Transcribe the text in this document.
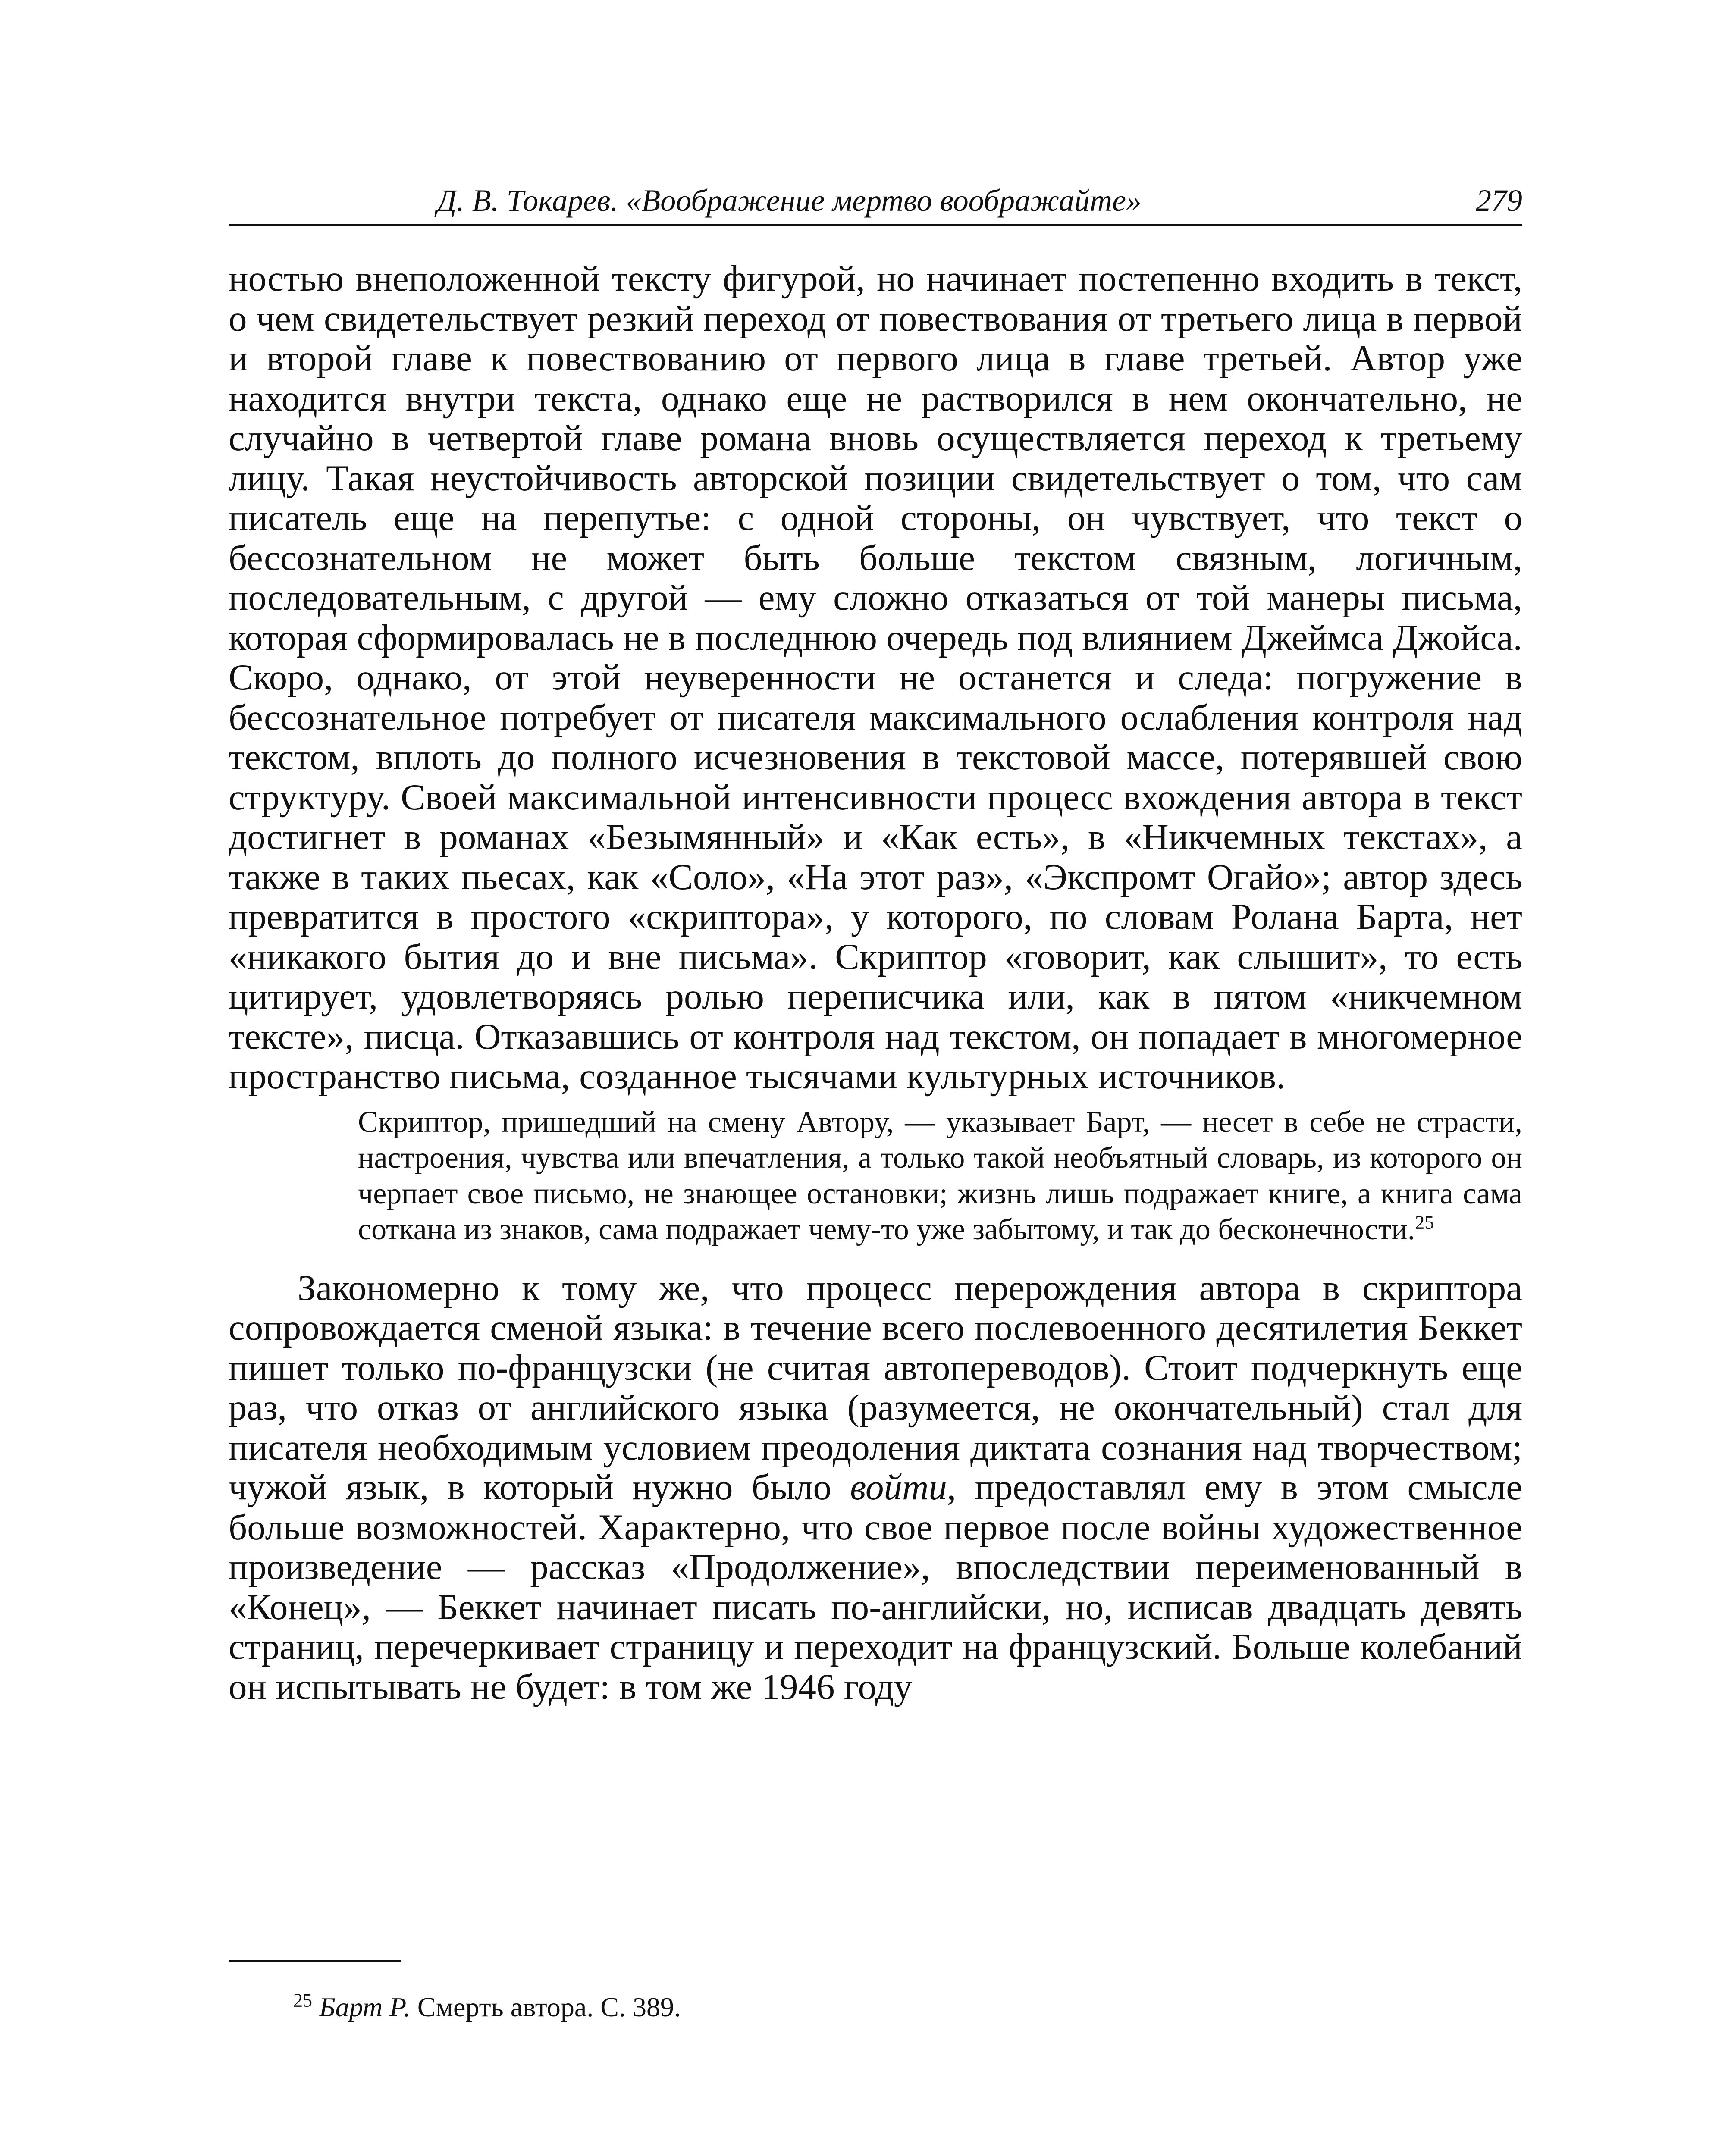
Д. В. Токарев. «Воображение мертво воображайте»	279

ностью внеположенной тексту фигурой, но начинает постепенно входить в текст, о чем свидетельствует резкий переход от повествования от третьего лица в первой и второй главе к повествованию от первого лица в главе третьей. Автор уже находится внутри текста, однако еще не растворился в нем окончательно, не случайно в четвертой главе романа вновь осуществляется переход к третьему лицу. Такая неустойчивость авторской позиции свидетельствует о том, что сам писатель еще на перепутье: с одной стороны, он чувствует, что текст о бессознательном не может быть больше текстом связным, логичным, последовательным, с другой — ему сложно отказаться от той манеры письма, которая сформировалась не в последнюю очередь под влиянием Джеймса Джойса. Скоро, однако, от этой неуверенности не останется и следа: погружение в бессознательное потребует от писателя максимального ослабления контроля над текстом, вплоть до полного исчезновения в текстовой массе, потерявшей свою структуру. Своей максимальной интенсивности процесс вхождения автора в текст достигнет в романах «Безымянный» и «Как есть», в «Никчемных текстах», а также в таких пьесах, как «Соло», «На этот раз», «Экспромт Огайо»; автор здесь превратится в простого «скриптора», у которого, по словам Ролана Барта, нет «никакого бытия до и вне письма». Скриптор «говорит, как слышит», то есть цитирует, удовлетворяясь ролью переписчика или, как в пятом «никчемном тексте», писца. Отказавшись от контроля над текстом, он попадает в многомерное пространство письма, созданное тысячами культурных источников.

Скриптор, пришедший на смену Автору, — указывает Барт, — несет в себе не страсти, настроения, чувства или впечатления, а только такой необъятный словарь, из которого он черпает свое письмо, не знающее остановки; жизнь лишь подражает книге, а книга сама соткана из знаков, сама подражает чему-то уже забытому, и так до бесконечности.$^{25}$

Закономерно к тому же, что процесс перерождения автора в скриптора сопровождается сменой языка: в течение всего послевоенного десятилетия Беккет пишет только по-французски (не считая автопереводов). Стоит подчеркнуть еще раз, что отказ от английского языка (разумеется, не окончательный) стал для писателя необходимым условием преодоления диктата сознания над творчеством; чужой язык, в который нужно было войти, предоставлял ему в этом смысле больше возможностей. Характерно, что свое первое после войны художественное произведение — рассказ «Продолжение», впоследствии переименованный в «Конец», — Беккет начинает писать по-английски, но, исписав двадцать девять страниц, перечеркивает страницу и переходит на французский. Больше колебаний он испытывать не будет: в том же 1946 году

$^{25}$ Барт Р. Смерть автора. С. 389.
